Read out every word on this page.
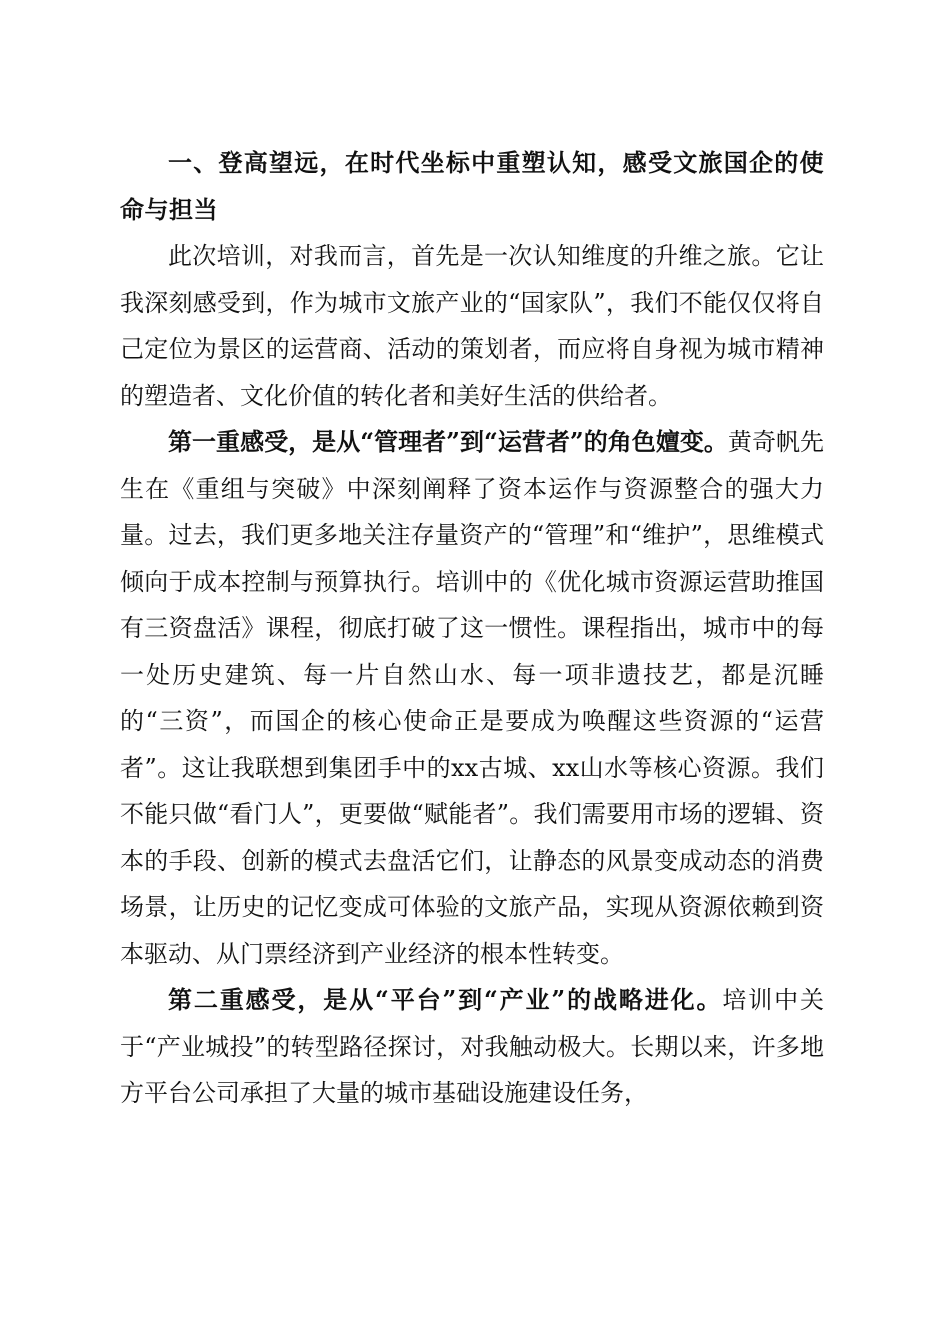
一、登高望远，在时代坐标中重塑认知，感受文旅国企的使命与担当

此次培训，对我而言，首先是一次认知维度的升维之旅。它让我深刻感受到，作为城市文旅产业的“国家队”，我们不能仅仅将自己定位为景区的运营商、活动的策划者，而应将自身视为城市精神的塑造者、文化价值的转化者和美好生活的供给者。

第一重感受，是从“管理者”到“运营者”的角色嬗变。黄奇帆先生在《重组与突破》中深刻阐释了资本运作与资源整合的强大力量。过去，我们更多地关注存量资产的“管理”和“维护”，思维模式倾向于成本控制与预算执行。培训中的《优化城市资源运营助推国有三资盘活》课程，彻底打破了这一惯性。课程指出，城市中的每一处历史建筑、每一片自然山水、每一项非遗技艺，都是沉睡的“三资”，而国企的核心使命正是要成为唤醒这些资源的“运营者”。这让我联想到集团手中的xx古城、xx山水等核心资源。我们不能只做“看门人”，更要做“赋能者”。我们需要用市场的逻辑、资本的手段、创新的模式去盘活它们，让静态的风景变成动态的消费场景，让历史的记忆变成可体验的文旅产品，实现从资源依赖到资本驱动、从门票经济到产业经济的根本性转变。

第二重感受，是从“平台”到“产业”的战略进化。培训中关于“产业城投”的转型路径探讨，对我触动极大。长期以来，许多地方平台公司承担了大量的城市基础设施建设任务，
